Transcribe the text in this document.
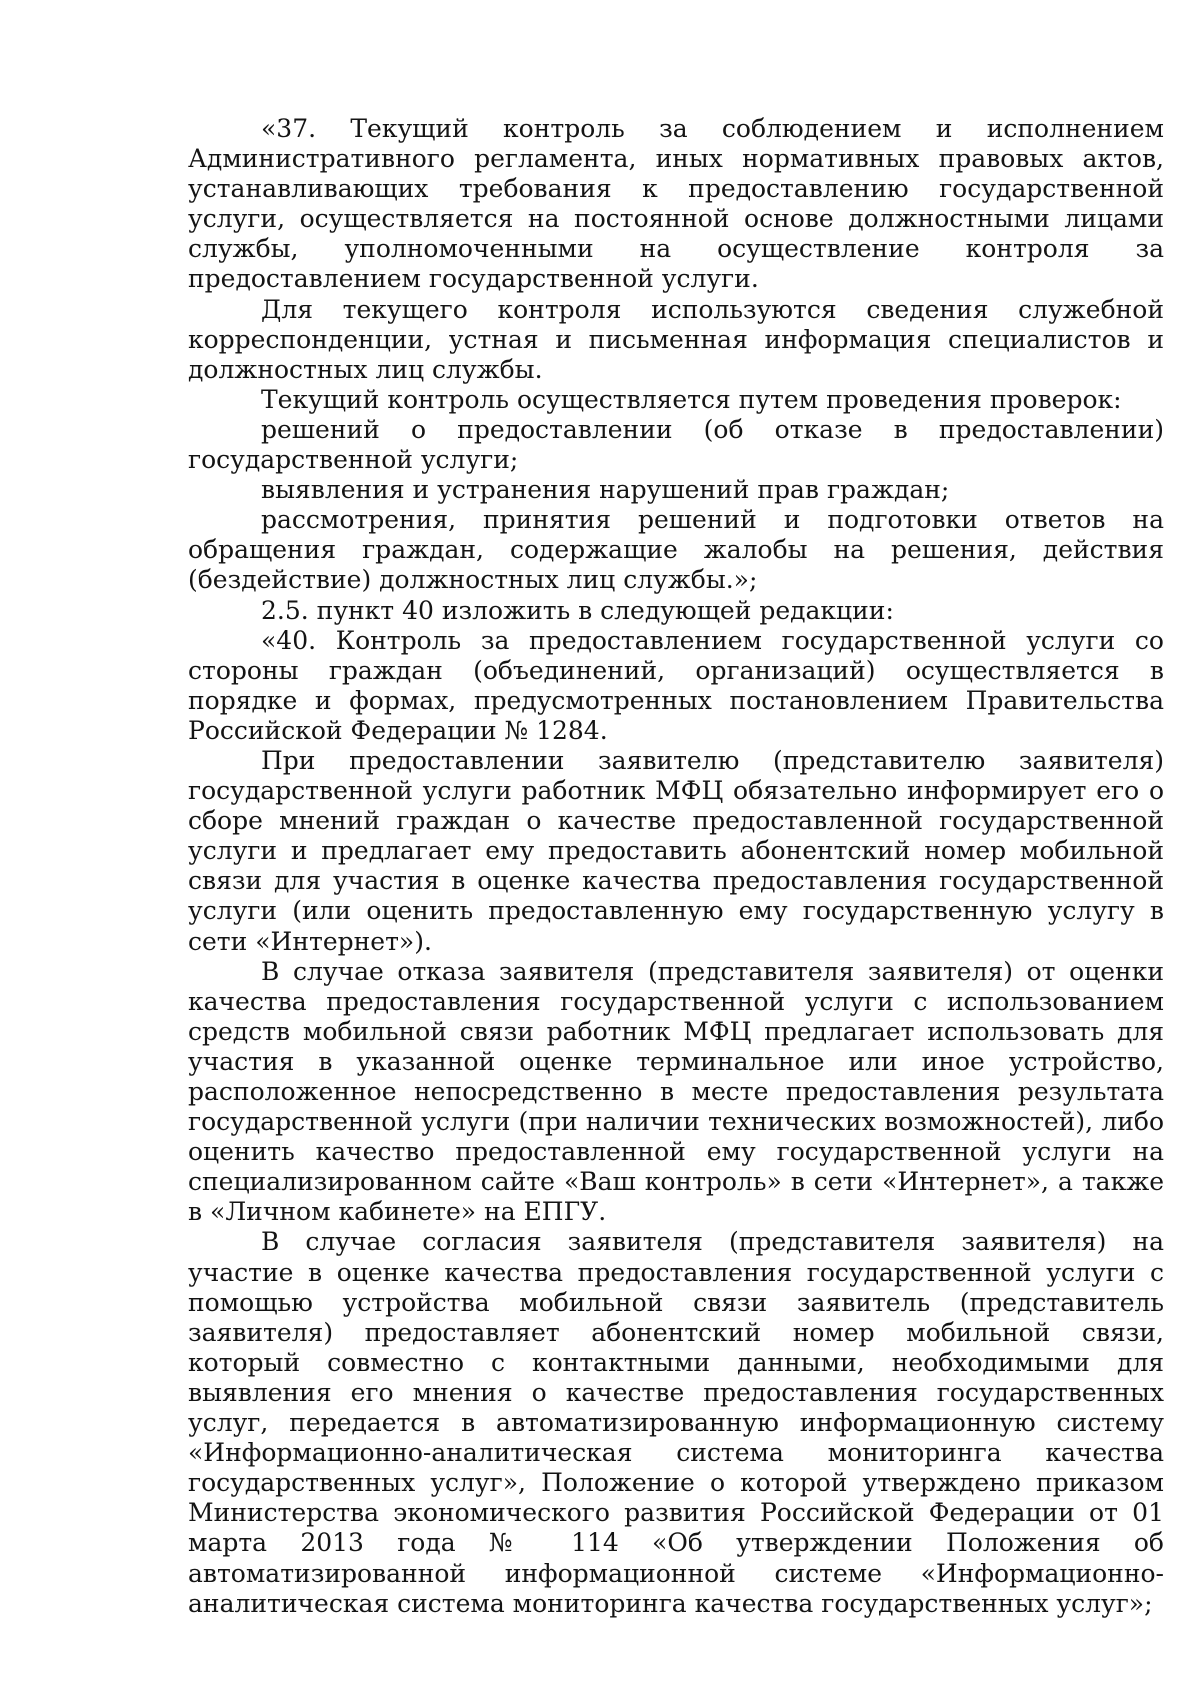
«37. Текущий контроль за соблюдением и исполнением Административного регламента, иных нормативных правовых актов, устанавливающих требования к предоставлению государственной услуги, осуществляется на постоянной основе должностными лицами службы, уполномоченными на осуществление контроля за предоставлением государственной услуги.

Для текущего контроля используются сведения служебной корреспонденции, устная и письменная информация специалистов и должностных лиц службы.

Текущий контроль осуществляется путем проведения проверок:

решений о предоставлении (об отказе в предоставлении) государственной услуги;

выявления и устранения нарушений прав граждан;

рассмотрения, принятия решений и подготовки ответов на обращения граждан, содержащие жалобы на решения, действия (бездействие) должностных лиц службы.»;

2.5. пункт 40 изложить в следующей редакции:

«40. Контроль за предоставлением государственной услуги со стороны граждан (объединений, организаций) осуществляется в порядке и формах, предусмотренных постановлением Правительства Российской Федерации № 1284.

При предоставлении заявителю (представителю заявителя) государственной услуги работник МФЦ обязательно информирует его о сборе мнений граждан о качестве предоставленной государственной услуги и предлагает ему предоставить абонентский номер мобильной связи для участия в оценке качества предоставления государственной услуги (или оценить предоставленную ему государственную услугу в сети «Интернет»).

В случае отказа заявителя (представителя заявителя) от оценки качества предоставления государственной услуги с использованием средств мобильной связи работник МФЦ предлагает использовать для участия в указанной оценке терминальное или иное устройство, расположенное непосредственно в месте предоставления результата государственной услуги (при наличии технических возможностей), либо оценить качество предоставленной ему государственной услуги на специализированном сайте «Ваш контроль» в сети «Интернет», а также в «Личном кабинете» на ЕПГУ.

В случае согласия заявителя (представителя заявителя) на участие в оценке качества предоставления государственной услуги с помощью устройства мобильной связи заявитель (представитель заявителя) предоставляет абонентский номер мобильной связи, который совместно с контактными данными, необходимыми для выявления его мнения о качестве предоставления государственных услуг, передается в автоматизированную информационную систему «Информационно-аналитическая система мониторинга качества государственных услуг», Положение о которой утверждено приказом Министерства экономического развития Российской Федерации от 01 марта 2013 года № 114 «Об утверждении Положения об автоматизированной информационной системе «Информационно-аналитическая система мониторинга качества государственных услуг»;
